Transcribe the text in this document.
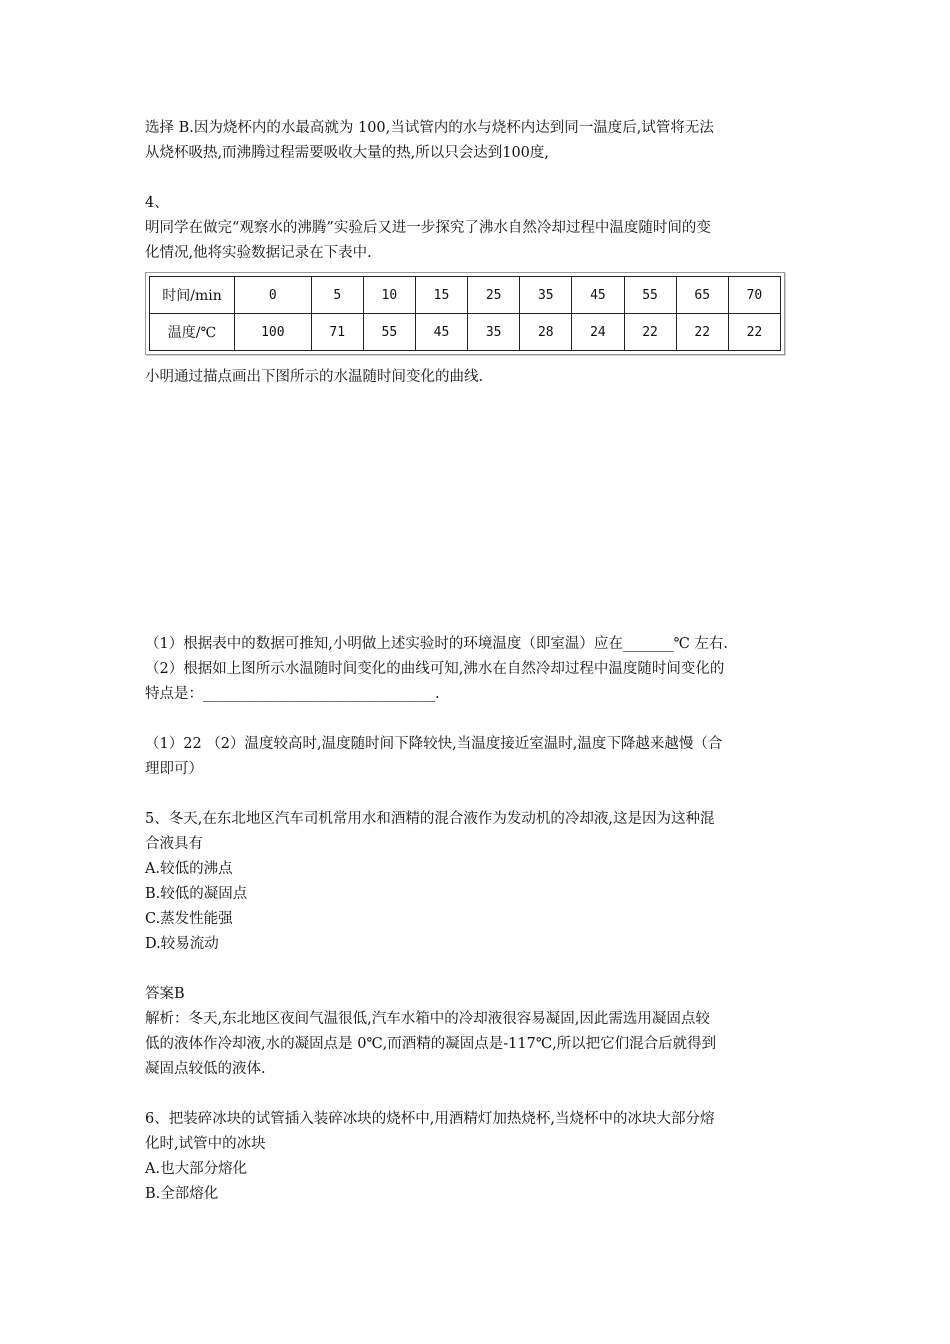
选择 B.因为烧杯内的水最高就为 100,当试管内的水与烧杯内达到同一温度后,试管将无法

从烧杯吸热,而沸腾过程需要吸收大量的热,所以只会达到100度,

4、

明同学在做完“观察水的沸腾”实验后又进一步探究了沸水自然冷却过程中温度随时间的变

化情况,他将实验数据记录在下表中.

时间/min	0	5	10	15	25	35	45	55	65	70
温度/℃	100	71	55	45	35	28	24	22	22	22

小明通过描点画出下图所示的水温随时间变化的曲线.

（1）根据表中的数据可推知,小明做上述实验时的环境温度（即室温）应在_______℃ 左右.

（2）根据如上图所示水温随时间变化的曲线可知,沸水在自然冷却过程中温度随时间变化的

特点是：________________________________.

（1）22 （2）温度较高时,温度随时间下降较快,当温度接近室温时,温度下降越来越慢（合

理即可）

5、冬天,在东北地区汽车司机常用水和酒精的混合液作为发动机的冷却液,这是因为这种混

合液具有

A.较低的沸点

B.较低的凝固点

C.蒸发性能强

D.较易流动

答案B

解析：冬天,东北地区夜间气温很低,汽车水箱中的冷却液很容易凝固,因此需选用凝固点较

低的液体作冷却液,水的凝固点是 0℃,而酒精的凝固点是-117℃,所以把它们混合后就得到

凝固点较低的液体.

6、把装碎冰块的试管插入装碎冰块的烧杯中,用酒精灯加热烧杯,当烧杯中的冰块大部分熔

化时,试管中的冰块

A.也大部分熔化

B.全部熔化
